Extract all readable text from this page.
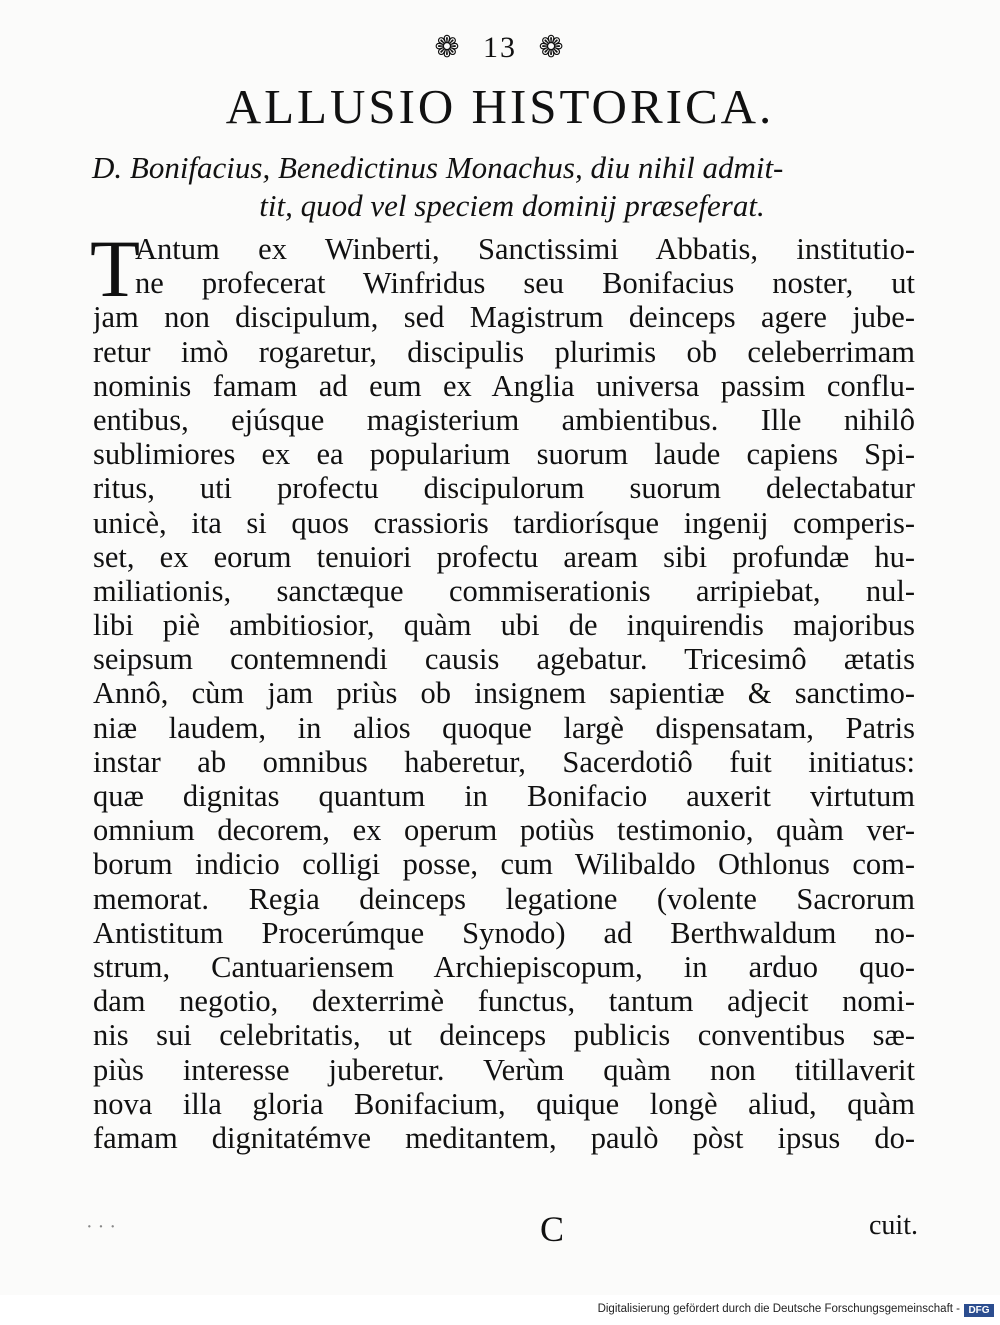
❁ 13 ❁
ALLUSIO HISTORICA.
D. Bonifacius, Benedictinus Monachus, diu nihil admit-
tit, quod vel speciem dominij præseferat.
T
Antum ex Winberti, Sanctissimi Abbatis, institutio-
ne profecerat Winfridus seu Bonifacius noster, ut
jam non discipulum, sed Magistrum deinceps agere jube-
retur imò rogaretur, discipulis plurimis ob celeberrimam
nominis famam ad eum ex Anglia universa passim conflu-
entibus, ejúsque magisterium ambientibus. Ille nihilô
sublimiores ex ea popularium suorum laude capiens Spi-
ritus, uti profectu discipulorum suorum delectabatur
unicè, ita si quos crassioris tardiorísque ingenij comperis-
set, ex eorum tenuiori profectu aream sibi profundæ hu-
miliationis, sanctæque commiserationis arripiebat, nul-
libi piè ambitiosior, quàm ubi de inquirendis majoribus
seipsum contemnendi causis agebatur. Tricesimô ætatis
Annô, cùm jam priùs ob insignem sapientiæ & sanctimo-
niæ laudem, in alios quoque largè dispensatam, Patris
instar ab omnibus haberetur, Sacerdotiô fuit initiatus:
quæ dignitas quantum in Bonifacio auxerit virtutum
omnium decorem, ex operum potiùs testimonio, quàm ver-
borum indicio colligi posse, cum Wilibaldo Othlonus com-
memorat. Regia deinceps legatione (volente Sacrorum
Antistitum Procerúmque Synodo) ad Berthwaldum no-
strum, Cantuariensem Archiepiscopum, in arduo quo-
dam negotio, dexterrimè functus, tantum adjecit nomi-
nis sui celebritatis, ut deinceps publicis conventibus sæ-
piùs interesse juberetur. Verùm quàm non titillaverit
nova illa gloria Bonifacium, quique longè aliud, quàm
famam dignitatémve meditantem, paulò pòst ipsus do-
· · ·	C	cuit.
Digitalisierung gefördert durch die Deutsche Forschungsgemeinschaft - DFG
